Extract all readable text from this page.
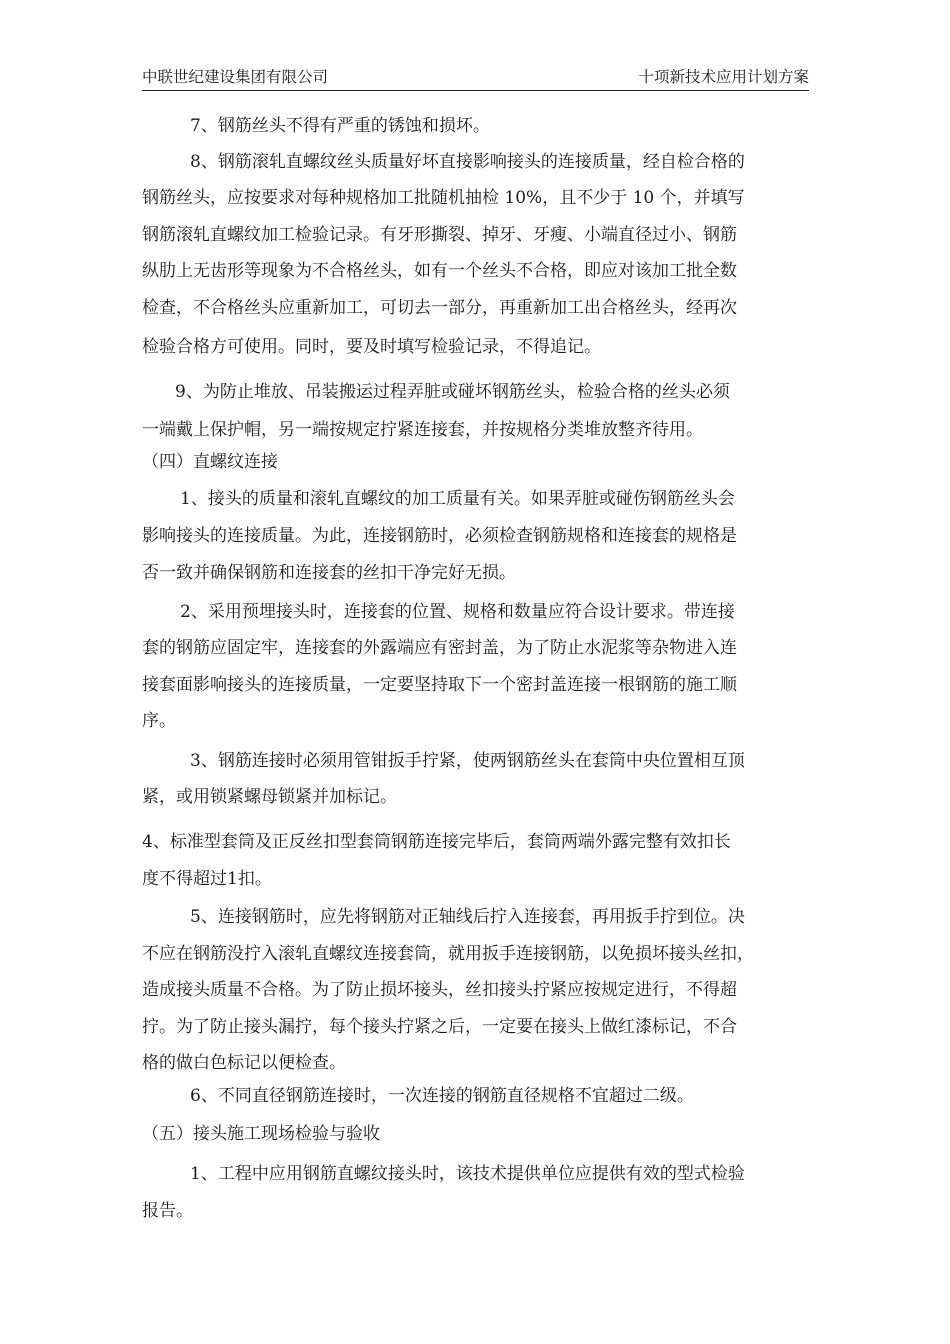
中联世纪建设集团有限公司	十项新技术应用计划方案
7、钢筋丝头不得有严重的锈蚀和损坏。
8、钢筋滚轧直螺纹丝头质量好坏直接影响接头的连接质量，经自检合格的
钢筋丝头，应按要求对每种规格加工批随机抽检 10%，且不少于 10 个，并填写
钢筋滚轧直螺纹加工检验记录。有牙形撕裂、掉牙、牙瘦、小端直径过小、钢筋
纵肋上无齿形等现象为不合格丝头，如有一个丝头不合格，即应对该加工批全数
检查，不合格丝头应重新加工，可切去一部分，再重新加工出合格丝头，经再次
检验合格方可使用。同时，要及时填写检验记录，不得追记。
9、为防止堆放、吊装搬运过程弄脏或碰坏钢筋丝头，检验合格的丝头必须
一端戴上保护帽，另一端按规定拧紧连接套，并按规格分类堆放整齐待用。
（四）直螺纹连接
1、接头的质量和滚轧直螺纹的加工质量有关。如果弄脏或碰伤钢筋丝头会
影响接头的连接质量。为此，连接钢筋时，必须检查钢筋规格和连接套的规格是
否一致并确保钢筋和连接套的丝扣干净完好无损。
2、采用预埋接头时，连接套的位置、规格和数量应符合设计要求。带连接
套的钢筋应固定牢，连接套的外露端应有密封盖，为了防止水泥浆等杂物进入连
接套面影响接头的连接质量，一定要坚持取下一个密封盖连接一根钢筋的施工顺
序。
3、钢筋连接时必须用管钳扳手拧紧，使两钢筋丝头在套筒中央位置相互顶
紧，或用锁紧螺母锁紧并加标记。
4、标准型套筒及正反丝扣型套筒钢筋连接完毕后，套筒两端外露完整有效扣长
度不得超过1扣。
5、连接钢筋时，应先将钢筋对正轴线后拧入连接套，再用扳手拧到位。决
不应在钢筋没拧入滚轧直螺纹连接套筒，就用扳手连接钢筋，以免损坏接头丝扣，
造成接头质量不合格。为了防止损坏接头，丝扣接头拧紧应按规定进行，不得超
拧。为了防止接头漏拧，每个接头拧紧之后，一定要在接头上做红漆标记，不合
格的做白色标记以便检查。
6、不同直径钢筋连接时，一次连接的钢筋直径规格不宜超过二级。
（五）接头施工现场检验与验收
1、工程中应用钢筋直螺纹接头时，该技术提供单位应提供有效的型式检验
报告。
